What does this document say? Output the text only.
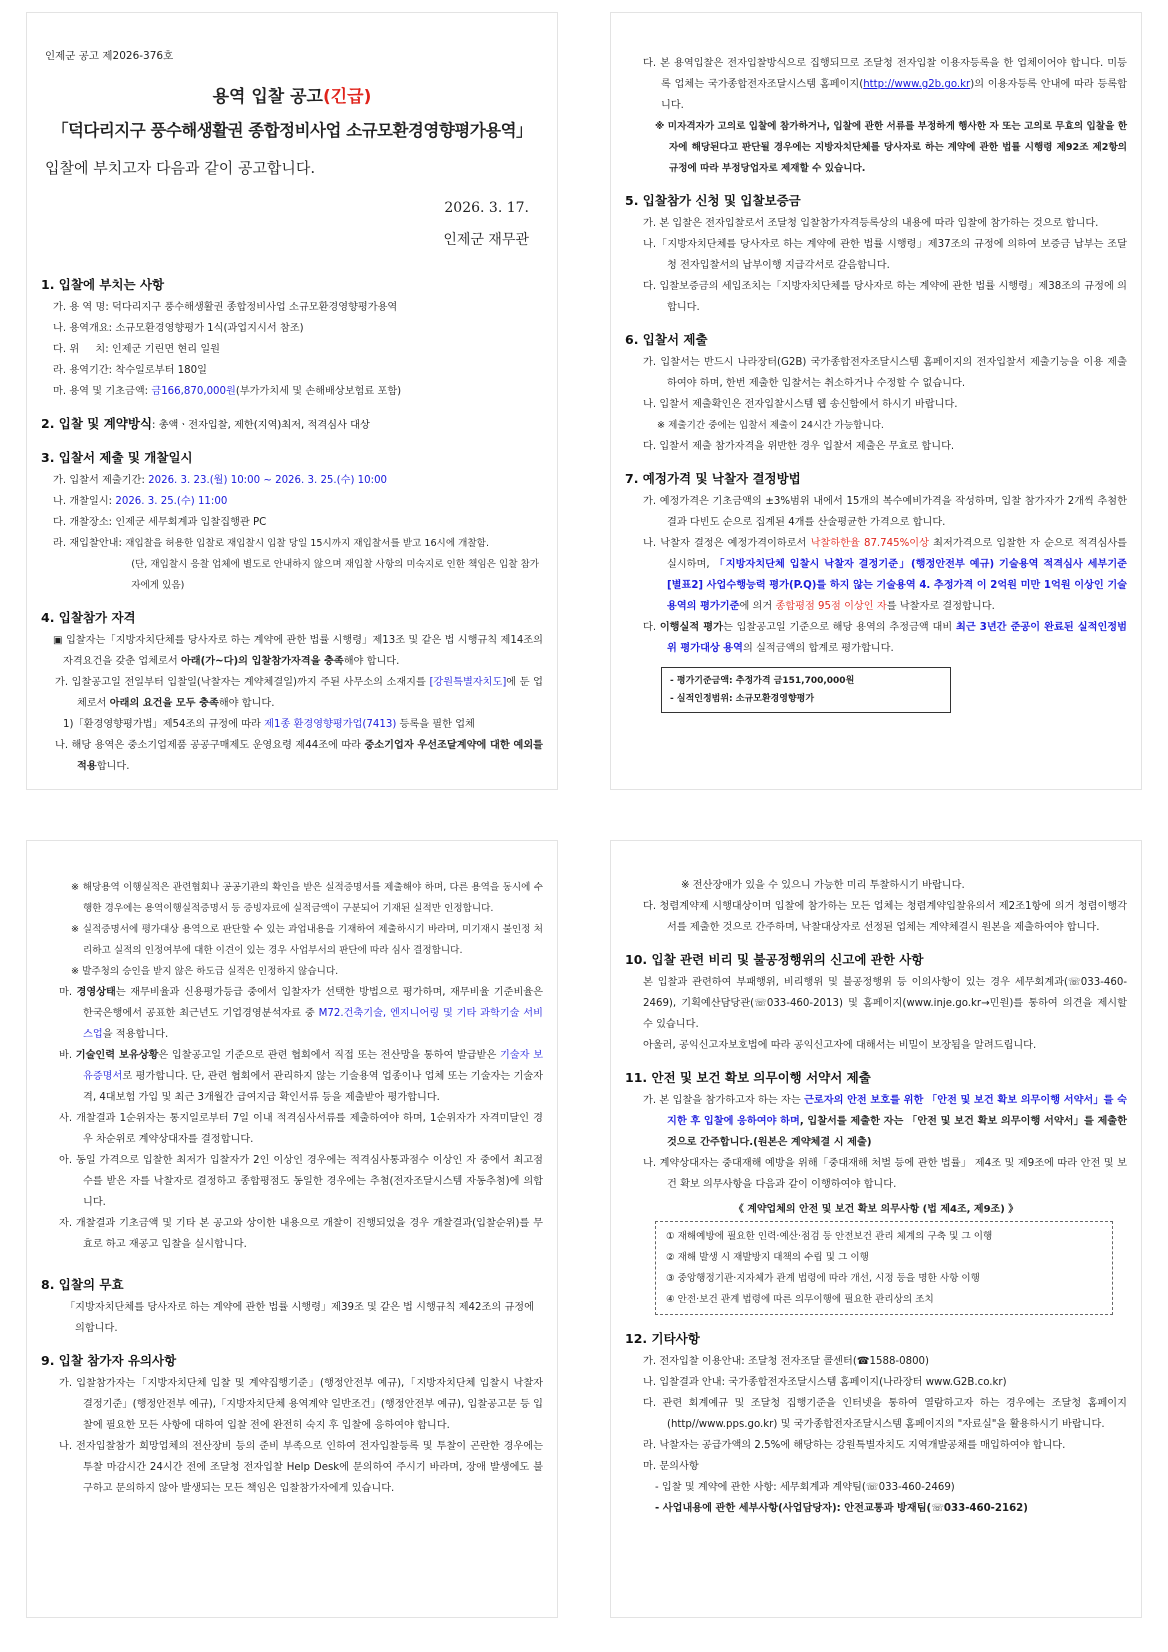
인제군 공고 제2026-376호
용역 입찰 공고(긴급)
「덕다리지구 풍수해생활권 종합정비사업 소규모환경영향평가용역」
입찰에 부치고자 다음과 같이 공고합니다.
2026. 3. 17.
인제군 재무관
1. 입찰에 부치는 사항
가. 용 역 명: 덕다리지구 풍수해생활권 종합정비사업 소규모환경영향평가용역
나. 용역개요: 소규모환경영향평가 1식(과업지시서 참조)
다. 위     치: 인제군 기린면 현리 일원
라. 용역기간: 착수일로부터 180일
마. 용역 및 기초금액: 금166,870,000원(부가가치세 및 손해배상보험료 포함)
2. 입찰 및 계약방식: 총액ㆍ전자입찰, 제한(지역)최저, 적격심사 대상
3. 입찰서 제출 및 개찰일시
가. 입찰서 제출기간: 2026. 3. 23.(월) 10:00 ~ 2026. 3. 25.(수) 10:00
나. 개찰일시: 2026. 3. 25.(수) 11:00
다. 개찰장소: 인제군 세무회계과 입찰집행관 PC
라. 재입찰안내: 재입찰을 허용한 입찰로 재입찰시 입찰 당일 15시까지 재입찰서를 받고 16시에 개찰함.

(단, 재입찰시 응찰 업체에 별도로 안내하지 않으며 재입찰 사항의 미숙지로 인한 책임은 입찰 참가자에게 있음)
4. 입찰참가 자격
▣ 입찰자는「지방자치단체를 당사자로 하는 계약에 관한 법률 시행령」제13조 및 같은 법 시행규칙 제14조의 자격요건을 갖춘 업체로서 아래(가~다)의 입찰참가자격을 충족해야 합니다.
가. 입찰공고일 전일부터 입찰일(낙찰자는 계약체결일)까지 주된 사무소의 소재지를 [강원특별자치도]에 둔 업체로서 아래의 요건을 모두 충족해야 합니다.
1)「환경영향평가법」제54조의 규정에 따라 제1종 환경영향평가업(7413) 등록을 필한 업체
나. 해당 용역은 중소기업제품 공공구매제도 운영요령 제44조에 따라 중소기업자 우선조달계약에 대한 예외를 적용합니다.
다. 본 용역입찰은 전자입찰방식으로 집행되므로 조달청 전자입찰 이용자등록을 한 업체이어야 합니다. 미등록 업체는 국가종합전자조달시스템 홈페이지(http://www.g2b.go.kr)의 이용자등록 안내에 따라 등록합니다.
※ 미자격자가 고의로 입찰에 참가하거나, 입찰에 관한 서류를 부정하게 행사한 자 또는 고의로 무효의 입찰을 한 자에 해당된다고 판단될 경우에는 지방자치단체를 당사자로 하는 계약에 관한 법률 시행령 제92조 제2항의 규정에 따라 부정당업자로 제재할 수 있습니다.
5. 입찰참가 신청 및 입찰보증금
가. 본 입찰은 전자입찰로서 조달청 입찰참가자격등록상의 내용에 따라 입찰에 참가하는 것으로 합니다.
나.「지방자치단체를 당사자로 하는 계약에 관한 법률 시행령」제37조의 규정에 의하여 보증금 납부는 조달청 전자입찰서의 납부이행 지급각서로 갈음합니다.
다. 입찰보증금의 세입조치는「지방자치단체를 당사자로 하는 계약에 관한 법률 시행령」제38조의 규정에 의합니다.
6. 입찰서 제출
가. 입찰서는 반드시 나라장터(G2B) 국가종합전자조달시스템 홈페이지의 전자입찰서 제출기능을 이용 제출하여야 하며, 한번 제출한 입찰서는 취소하거나 수정할 수 없습니다.
나. 입찰서 제출확인은 전자입찰시스템 웹 송신함에서 하시기 바랍니다.
※ 제출기간 중에는 입찰서 제출이 24시간 가능합니다.
다. 입찰서 제출 참가자격을 위반한 경우 입찰서 제출은 무효로 합니다.
7. 예정가격 및 낙찰자 결정방법
가. 예정가격은 기초금액의 ±3%범위 내에서 15개의 복수예비가격을 작성하며, 입찰 참가자가 2개씩 추첨한 결과 다빈도 순으로 집계된 4개를 산술평균한 가격으로 합니다.
나. 낙찰자 결정은 예정가격이하로서 낙찰하한율 87.745%이상 최저가격으로 입찰한 자 순으로 적격심사를 실시하며, 「지방자치단체 입찰시 낙찰자 결정기준」(행정안전부 예규) 기술용역 적격심사 세부기준 [별표2] 사업수행능력 평가(P.Q)를 하지 않는 기술용역 4. 추정가격 이 2억원 미만 1억원 이상인 기술용역의 평가기준에 의거 종합평점 95점 이상인 자를 낙찰자로 결정합니다.
다. 이행실적 평가는 입찰공고일 기준으로 해당 용역의 추정금액 대비 최근 3년간 준공이 완료된 실적인정범위 평가대상 용역의 실적금액의 합계로 평가합니다.
- 평가기준금액: 추정가격 금151,700,000원
- 실적인정범위: 소규모환경영향평가
※ 해당용역 이행실적은 관련협회나 공공기관의 확인을 받은 실적증명서를 제출해야 하며, 다른 용역을 동시에 수행한 경우에는 용역이행실적증명서 등 증빙자료에 실적금액이 구분되어 기재된 실적만 인정합니다.
※ 실적증명서에 평가대상 용역으로 판단할 수 있는 과업내용을 기재하여 제출하시기 바라며, 미기재시 불인정 처리하고 실적의 인정여부에 대한 이견이 있는 경우 사업부서의 판단에 따라 심사 결정합니다.
※ 발주청의 승인을 받지 않은 하도급 실적은 인정하지 않습니다.
마. 경영상태는 재무비율과 신용평가등급 중에서 입찰자가 선택한 방법으로 평가하며, 재무비율 기준비율은 한국은행에서 공표한 최근년도 기업경영분석자료 중 M72.건축기술, 엔지니어링 및 기타 과학기술 서비스업을 적용합니다.
바. 기술인력 보유상황은 입찰공고일 기준으로 관련 협회에서 직접 또는 전산망을 통하여 발급받은 기술자 보유증명서로 평가합니다. 단, 관련 협회에서 관리하지 않는 기술용역 업종이나 업체 또는 기술자는 기술자격, 4대보험 가입 및 최근 3개월간 급여지급 확인서류 등을 제출받아 평가합니다.
사. 개찰결과 1순위자는 통지일로부터 7일 이내 적격심사서류를 제출하여야 하며, 1순위자가 자격미달인 경우 차순위로 계약상대자를 결정합니다.
아. 동일 가격으로 입찰한 최저가 입찰자가 2인 이상인 경우에는 적격심사통과점수 이상인 자 중에서 최고점수를 받은 자를 낙찰자로 결정하고 종합평점도 동일한 경우에는 추첨(전자조달시스템 자동추첨)에 의합니다.
자. 개찰결과 기초금액 및 기타 본 공고와 상이한 내용으로 개찰이 진행되었을 경우 개찰결과(입찰순위)를 무효로 하고 재공고 입찰을 실시합니다.
8. 입찰의 무효
「지방자치단체를 당사자로 하는 계약에 관한 법률 시행령」제39조 및 같은 법 시행규칙 제42조의 규정에 의합니다.
9. 입찰 참가자 유의사항
가. 입찰참가자는「지방자치단체 입찰 및 계약집행기준」(행정안전부 예규),「지방자치단체 입찰시 낙찰자 결정기준」(행정안전부 예규),「지방자치단체 용역계약 일반조건」(행정안전부 예규), 입찰공고문 등 입찰에 필요한 모든 사항에 대하여 입찰 전에 완전히 숙지 후 입찰에 응하여야 합니다.
나. 전자입찰참가 희망업체의 전산장비 등의 준비 부족으로 인하여 전자입찰등록 및 투찰이 곤란한 경우에는 투찰 마감시간 24시간 전에 조달청 전자입찰 Help Desk에 문의하여 주시기 바라며, 장애 발생에도 불구하고 문의하지 않아 발생되는 모든 책임은 입찰참가자에게 있습니다.
※ 전산장애가 있을 수 있으니 가능한 미리 투찰하시기 바랍니다.
다. 청렴계약제 시행대상이며 입찰에 참가하는 모든 업체는 청렴계약입찰유의서 제2조1항에 의거 청렴이행각서를 제출한 것으로 간주하며, 낙찰대상자로 선정된 업체는 계약체결시 원본을 제출하여야 합니다.
10. 입찰 관련 비리 및 불공정행위의 신고에 관한 사항
본 입찰과 관련하여 부패행위, 비리행위 및 불공정행위 등 이의사항이 있는 경우 세무회계과(☏033-460-2469), 기획예산담당관(☏033-460-2013) 및 홈페이지(www.inje.go.kr→민원)를 통하여 의견을 제시할 수 있습니다.
아울러, 공익신고자보호법에 따라 공익신고자에 대해서는 비밀이 보장됨을 알려드립니다.
11. 안전 및 보건 확보 의무이행 서약서 제출
가. 본 입찰을 참가하고자 하는 자는 근로자의 안전 보호를 위한 「안전 및 보건 확보 의무이행 서약서」를 숙지한 후 입찰에 응하여야 하며, 입찰서를 제출한 자는 「안전 및 보건 확보 의무이행 서약서」를 제출한 것으로 간주합니다.(원본은 계약체결 시 제출)
나. 계약상대자는 중대재해 예방을 위해「중대재해 처벌 등에 관한 법률」 제4조 및 제9조에 따라 안전 및 보건 확보 의무사항을 다음과 같이 이행하여야 합니다.
《 계약업체의 안전 및 보건 확보 의무사항 (법 제4조, 제9조) 》
① 재해예방에 필요한 인력·예산·점검 등 안전보건 관리 체계의 구축 및 그 이행
② 재해 발생 시 재발방지 대책의 수립 및 그 이행
③ 중앙행정기관·지자체가 관계 법령에 따라 개선, 시정 등을 명한 사항 이행
④ 안전·보건 관계 법령에 따른 의무이행에 필요한 관리상의 조치
12. 기타사항
가. 전자입찰 이용안내: 조달청 전자조달 콜센터(☎1588-0800)
나. 입찰결과 안내: 국가종합전자조달시스템 홈페이지(나라장터 www.G2B.co.kr)
다. 관련 회계예규 및 조달청 집행기준을 인터넷을 통하여 열람하고자 하는 경우에는 조달청 홈페이지 (http//www.pps.go.kr) 및 국가종합전자조달시스템 홈페이지의 "자료실"을 활용하시기 바랍니다.
라. 낙찰자는 공급가액의 2.5%에 해당하는 강원특별자치도 지역개발공채를 매입하여야 합니다.
마. 문의사항
- 입찰 및 계약에 관한 사항: 세무회계과 계약팀(☏033-460-2469)
- 사업내용에 관한 세부사항(사업담당자): 안전교통과 방재팀(☏033-460-2162)
